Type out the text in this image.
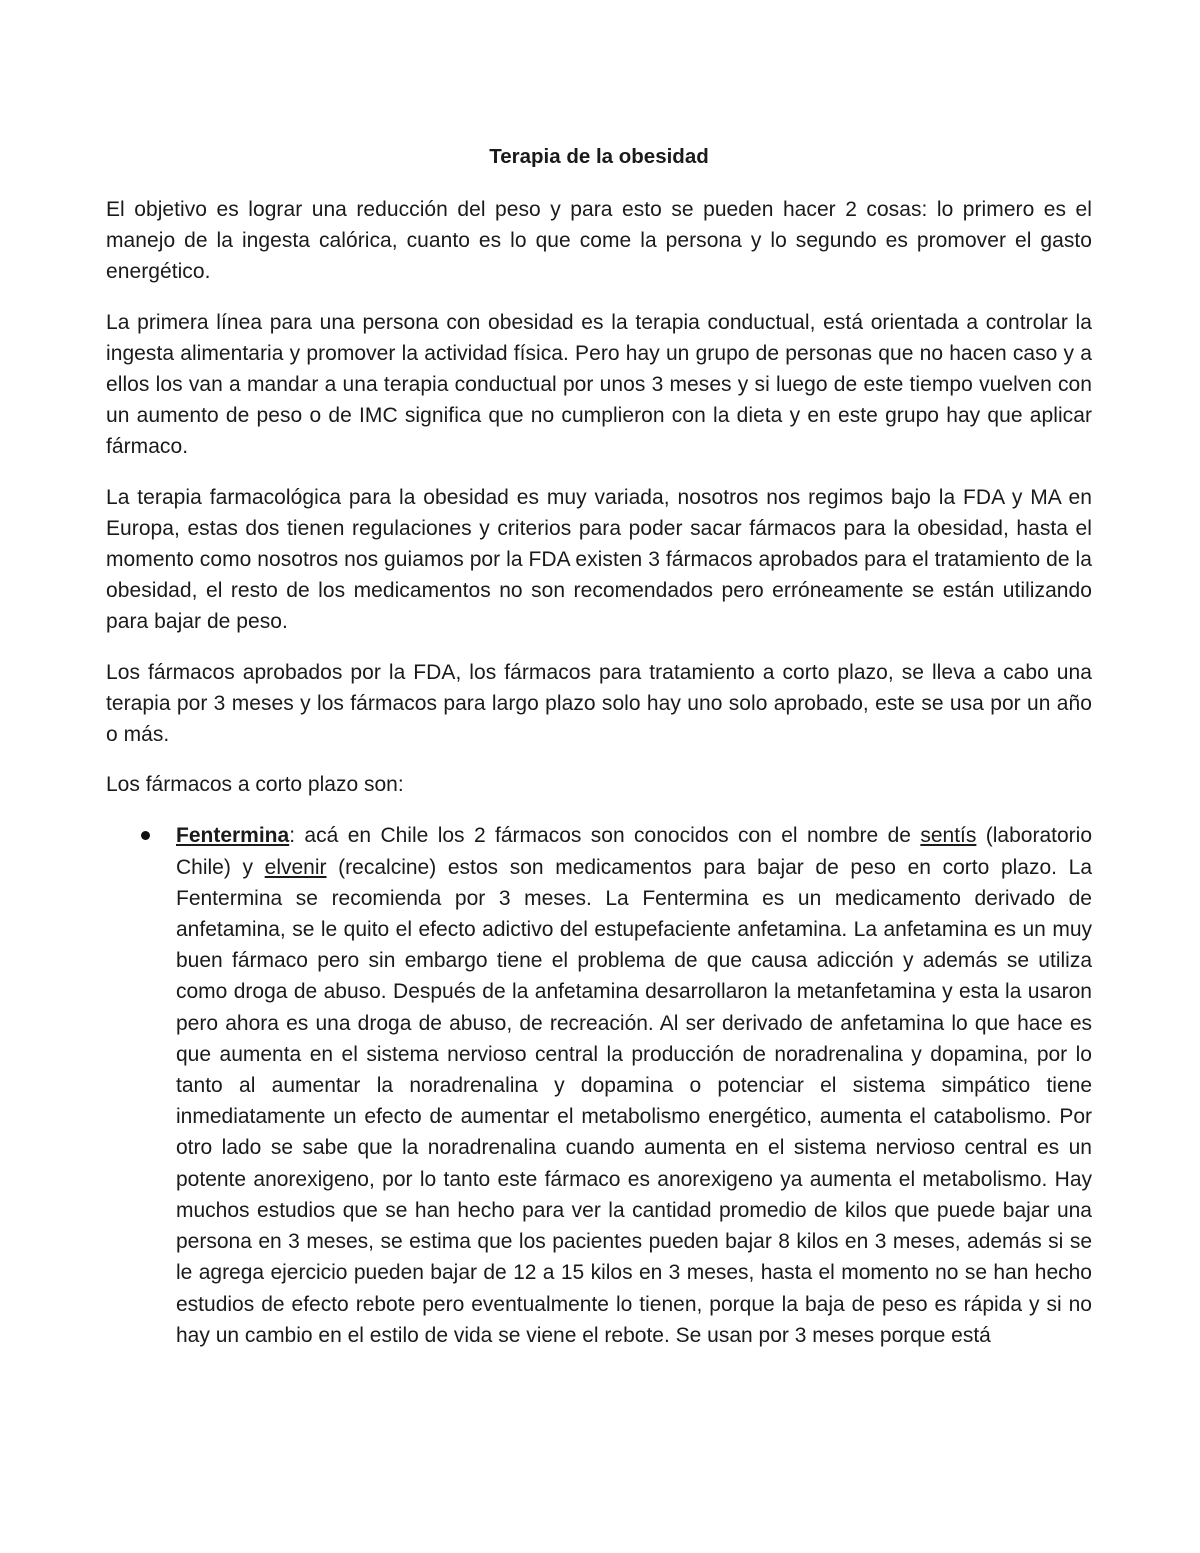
Terapia de la obesidad

El objetivo es lograr una reducción del peso y para esto se pueden hacer 2 cosas: lo primero es el manejo de la ingesta calórica, cuanto es lo que come la persona y lo segundo es promover el gasto energético.

La primera línea para una persona con obesidad es la terapia conductual, está orientada a controlar la ingesta alimentaria y promover la actividad física. Pero hay un grupo de personas que no hacen caso y a ellos los van a mandar a una terapia conductual por unos 3 meses y si luego de este tiempo vuelven con un aumento de peso o de IMC significa que no cumplieron con la dieta y en este grupo hay que aplicar fármaco.

La terapia farmacológica para la obesidad es muy variada, nosotros nos regimos bajo la FDA y MA en Europa, estas dos tienen regulaciones y criterios para poder sacar fármacos para la obesidad, hasta el momento como nosotros nos guiamos por la FDA existen 3 fármacos aprobados para el tratamiento de la obesidad, el resto de los medicamentos no son recomendados pero erróneamente se están utilizando para bajar de peso.

Los fármacos aprobados por la FDA, los fármacos para tratamiento a corto plazo, se lleva a cabo una terapia por 3 meses y los fármacos para largo plazo solo hay uno solo aprobado, este se usa por un año o más.

Los fármacos a corto plazo son:

Fentermina: acá en Chile los 2 fármacos son conocidos con el nombre de sentís (laboratorio Chile) y elvenir (recalcine) estos son medicamentos para bajar de peso en corto plazo. La Fentermina se recomienda por 3 meses. La Fentermina es un medicamento derivado de anfetamina, se le quito el efecto adictivo del estupefaciente anfetamina. La anfetamina es un muy buen fármaco pero sin embargo tiene el problema de que causa adicción y además se utiliza como droga de abuso. Después de la anfetamina desarrollaron la metanfetamina y esta la usaron pero ahora es una droga de abuso, de recreación. Al ser derivado de anfetamina lo que hace es que aumenta en el sistema nervioso central la producción de noradrenalina y dopamina, por lo tanto al aumentar la noradrenalina y dopamina o potenciar el sistema simpático tiene inmediatamente un efecto de aumentar el metabolismo energético, aumenta el catabolismo. Por otro lado se sabe que la noradrenalina cuando aumenta en el sistema nervioso central es un potente anorexigeno, por lo tanto este fármaco es anorexigeno ya aumenta el metabolismo. Hay muchos estudios que se han hecho para ver la cantidad promedio de kilos que puede bajar una persona en 3 meses, se estima que los pacientes pueden bajar 8 kilos en 3 meses, además si se le agrega ejercicio pueden bajar de 12 a 15 kilos en 3 meses, hasta el momento no se han hecho estudios de efecto rebote pero eventualmente lo tienen, porque la baja de peso es rápida y si no hay un cambio en el estilo de vida se viene el rebote. Se usan por 3 meses porque está
